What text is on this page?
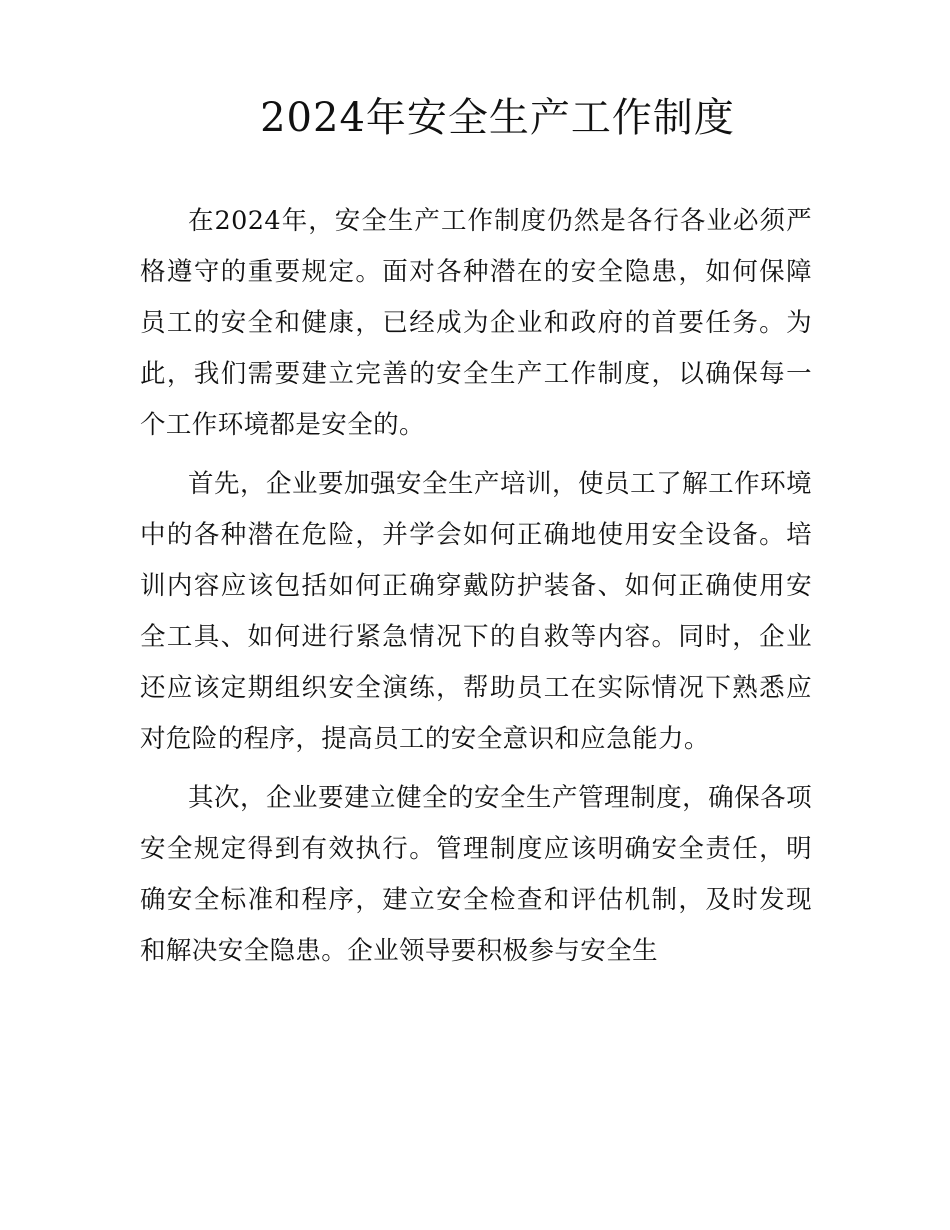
2024年安全生产工作制度

在2024年，安全生产工作制度仍然是各行各业必须严格遵守的重要规定。面对各种潜在的安全隐患，如何保障员工的安全和健康，已经成为企业和政府的首要任务。为此，我们需要建立完善的安全生产工作制度，以确保每一个工作环境都是安全的。

首先，企业要加强安全生产培训，使员工了解工作环境中的各种潜在危险，并学会如何正确地使用安全设备。培训内容应该包括如何正确穿戴防护装备、如何正确使用安全工具、如何进行紧急情况下的自救等内容。同时，企业还应该定期组织安全演练，帮助员工在实际情况下熟悉应对危险的程序，提高员工的安全意识和应急能力。

其次，企业要建立健全的安全生产管理制度，确保各项安全规定得到有效执行。管理制度应该明确安全责任，明确安全标准和程序，建立安全检查和评估机制，及时发现和解决安全隐患。企业领导要积极参与安全生
